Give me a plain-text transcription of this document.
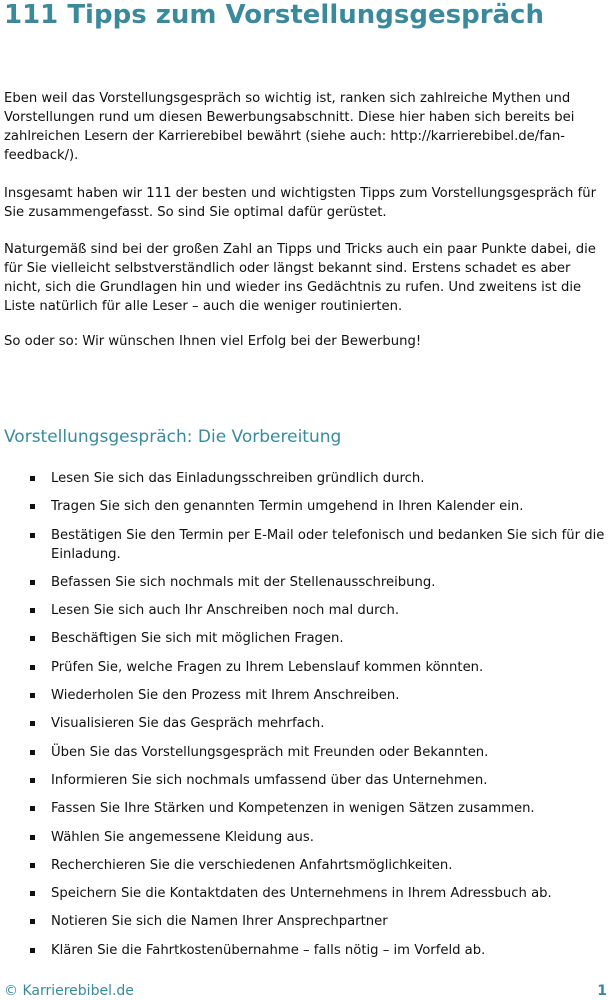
111 Tipps zum Vorstellungsgespräch

Eben weil das Vorstellungsgespräch so wichtig ist, ranken sich zahlreiche Mythen und Vorstellungen rund um diesen Bewerbungsabschnitt. Diese hier haben sich bereits bei zahlreichen Lesern der Karrierebibel bewährt (siehe auch: http://karrierebibel.de/fan-feedback/).

Insgesamt haben wir 111 der besten und wichtigsten Tipps zum Vorstellungsgespräch für Sie zusammengefasst. So sind Sie optimal dafür gerüstet.

Naturgemäß sind bei der großen Zahl an Tipps und Tricks auch ein paar Punkte dabei, die für Sie vielleicht selbstverständlich oder längst bekannt sind. Erstens schadet es aber nicht, sich die Grundlagen hin und wieder ins Gedächtnis zu rufen. Und zweitens ist die Liste natürlich für alle Leser – auch die weniger routinierten.

So oder so: Wir wünschen Ihnen viel Erfolg bei der Bewerbung!

Vorstellungsgespräch: Die Vorbereitung
Lesen Sie sich das Einladungsschreiben gründlich durch.
Tragen Sie sich den genannten Termin umgehend in Ihren Kalender ein.
Bestätigen Sie den Termin per E-Mail oder telefonisch und bedanken Sie sich für die Einladung.
Befassen Sie sich nochmals mit der Stellenausschreibung.
Lesen Sie sich auch Ihr Anschreiben noch mal durch.
Beschäftigen Sie sich mit möglichen Fragen.
Prüfen Sie, welche Fragen zu Ihrem Lebenslauf kommen könnten.
Wiederholen Sie den Prozess mit Ihrem Anschreiben.
Visualisieren Sie das Gespräch mehrfach.
Üben Sie das Vorstellungsgespräch mit Freunden oder Bekannten.
Informieren Sie sich nochmals umfassend über das Unternehmen.
Fassen Sie Ihre Stärken und Kompetenzen in wenigen Sätzen zusammen.
Wählen Sie angemessene Kleidung aus.
Recherchieren Sie die verschiedenen Anfahrtsmöglichkeiten.
Speichern Sie die Kontaktdaten des Unternehmens in Ihrem Adressbuch ab.
Notieren Sie sich die Namen Ihrer Ansprechpartner
Klären Sie die Fahrtkostenübernahme – falls nötig – im Vorfeld ab.
© Karrierebibel.de	1
